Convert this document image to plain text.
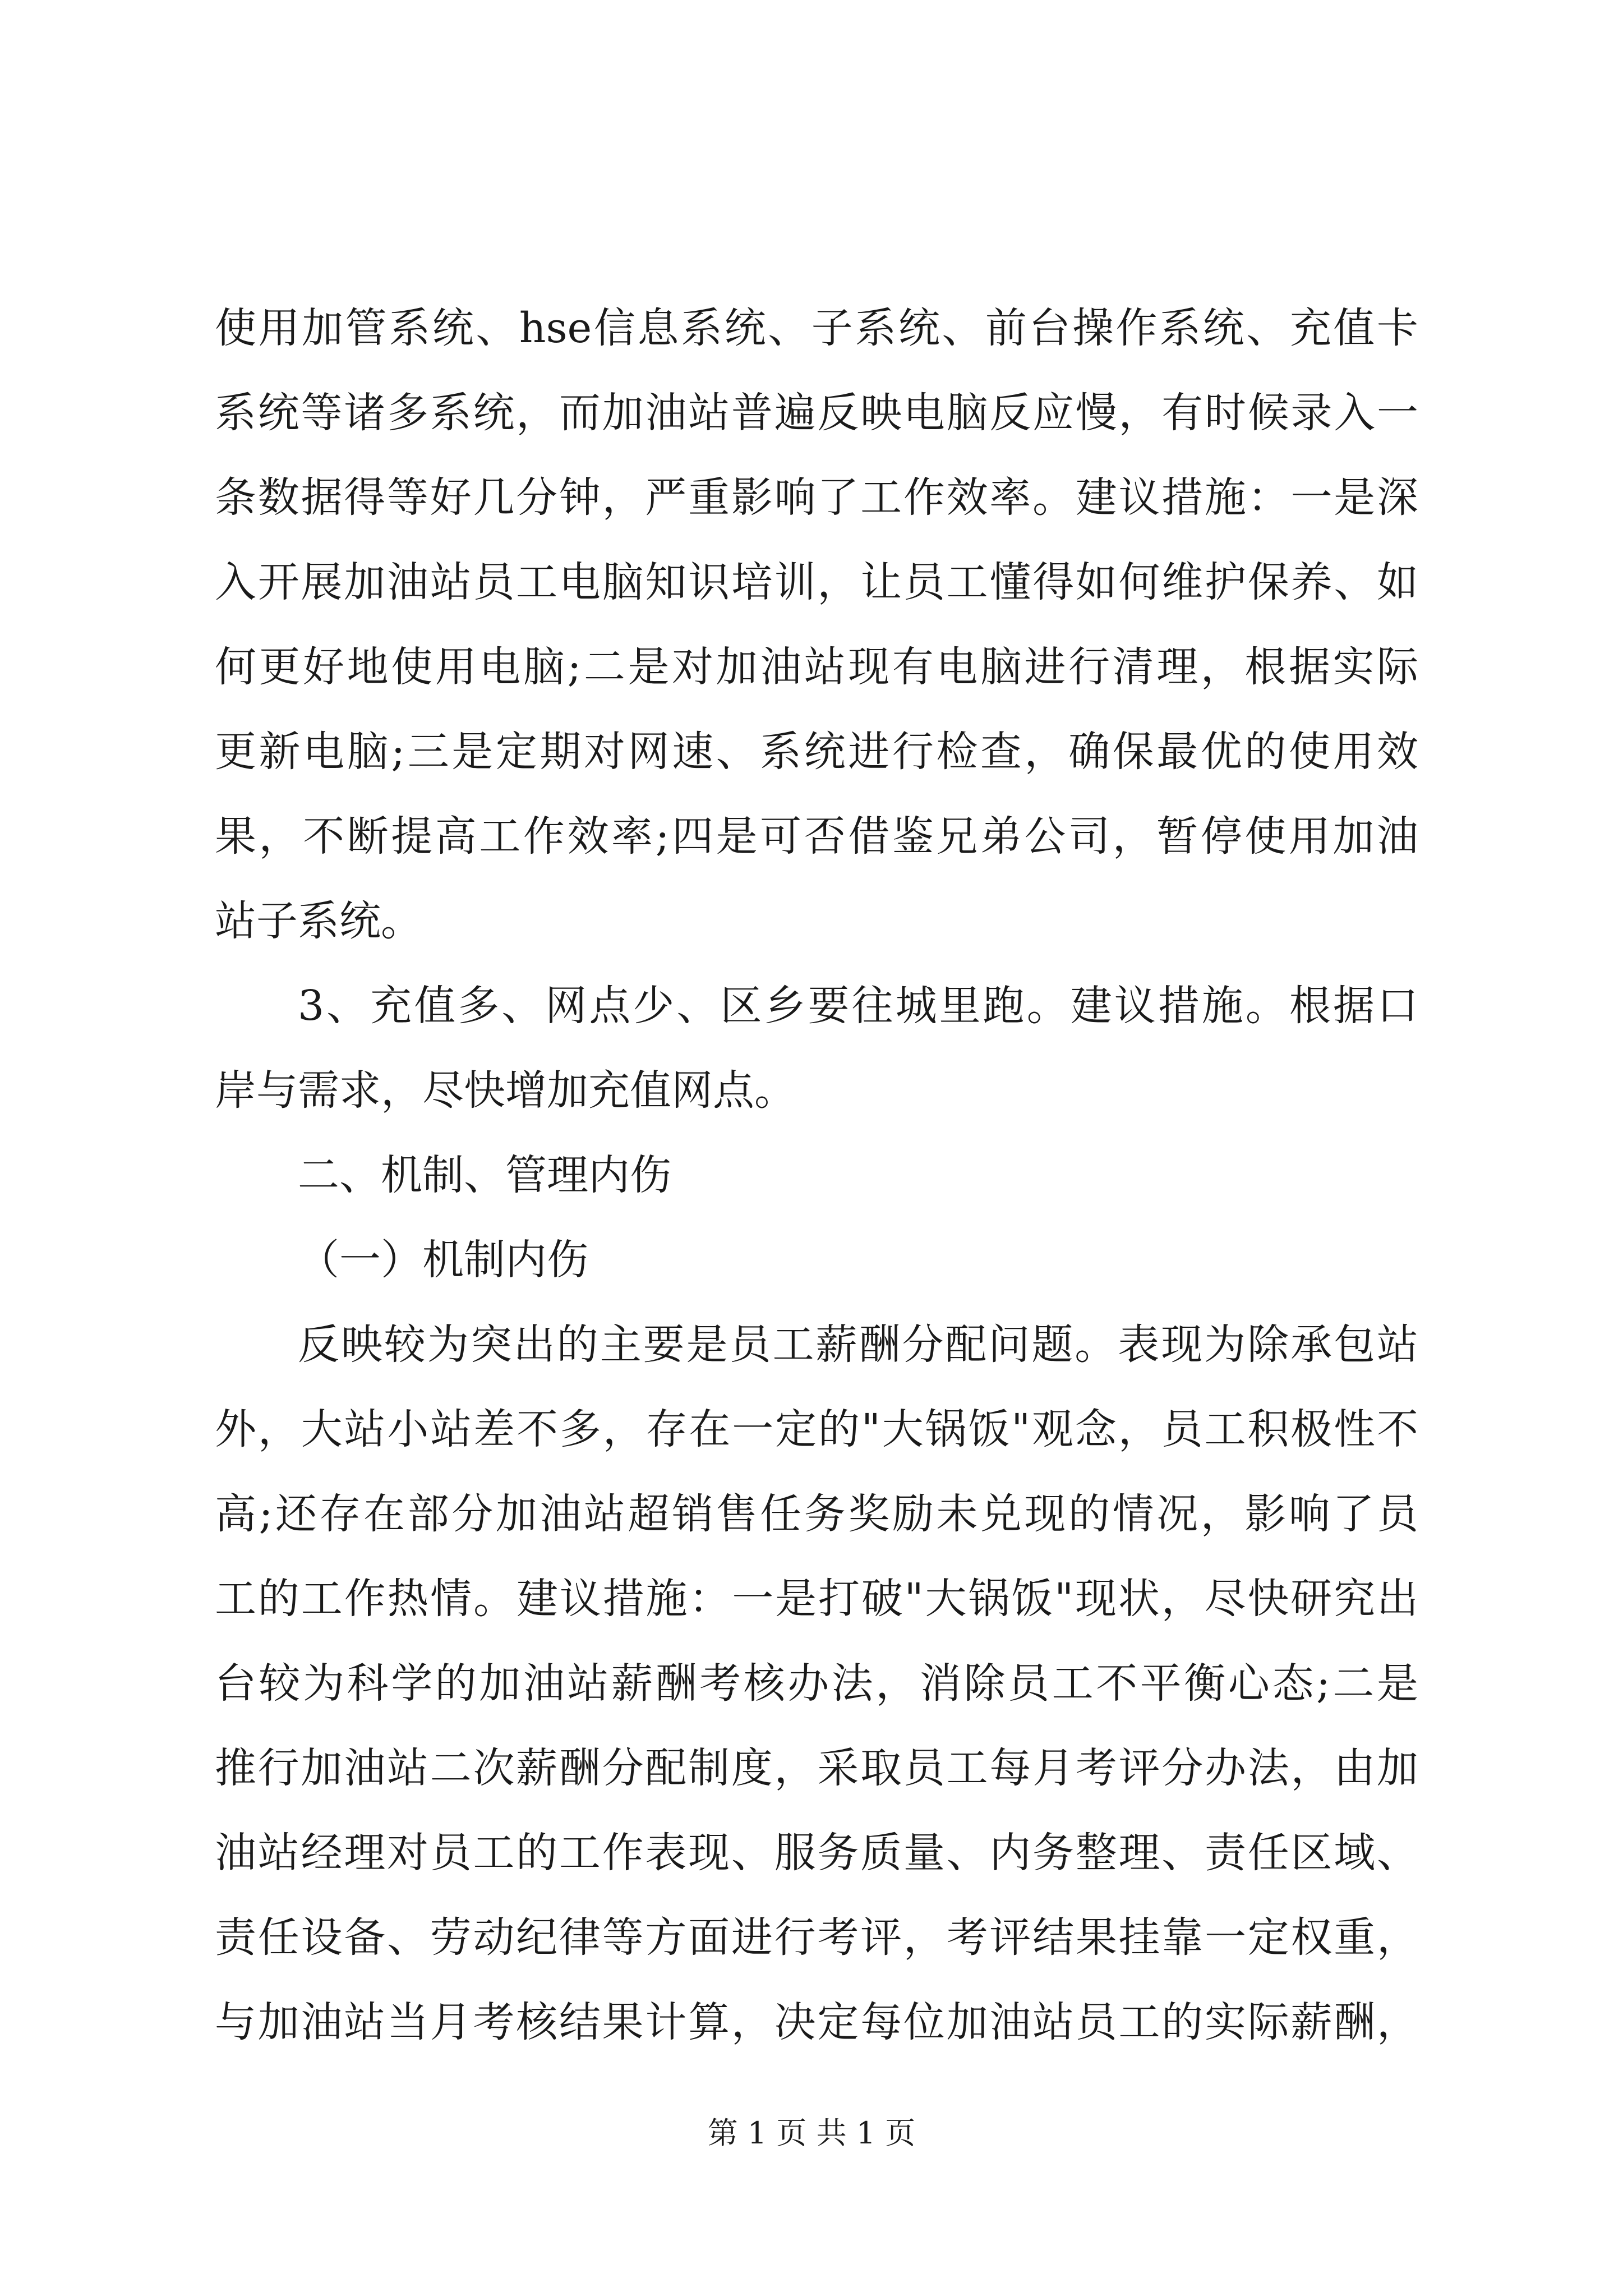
使用加管系统、hse信息系统、子系统、前台操作系统、充值卡
系统等诸多系统，而加油站普遍反映电脑反应慢，有时候录入一
条数据得等好几分钟，严重影响了工作效率。建议措施：一是深
入开展加油站员工电脑知识培训，让员工懂得如何维护保养、如
何更好地使用电脑;二是对加油站现有电脑进行清理，根据实际
更新电脑;三是定期对网速、系统进行检查，确保最优的使用效
果，不断提高工作效率;四是可否借鉴兄弟公司，暂停使用加油
站子系统。
3、充值多、网点少、区乡要往城里跑。建议措施。根据口
岸与需求，尽快增加充值网点。
二、机制、管理内伤
（一）机制内伤
反映较为突出的主要是员工薪酬分配问题。表现为除承包站
外，大站小站差不多，存在一定的"大锅饭"观念，员工积极性不
高;还存在部分加油站超销售任务奖励未兑现的情况，影响了员
工的工作热情。建议措施：一是打破"大锅饭"现状，尽快研究出
台较为科学的加油站薪酬考核办法，消除员工不平衡心态;二是
推行加油站二次薪酬分配制度，采取员工每月考评分办法，由加
油站经理对员工的工作表现、服务质量、内务整理、责任区域、
责任设备、劳动纪律等方面进行考评，考评结果挂靠一定权重，
与加油站当月考核结果计算，决定每位加油站员工的实际薪酬，
第 1 页 共 1 页
